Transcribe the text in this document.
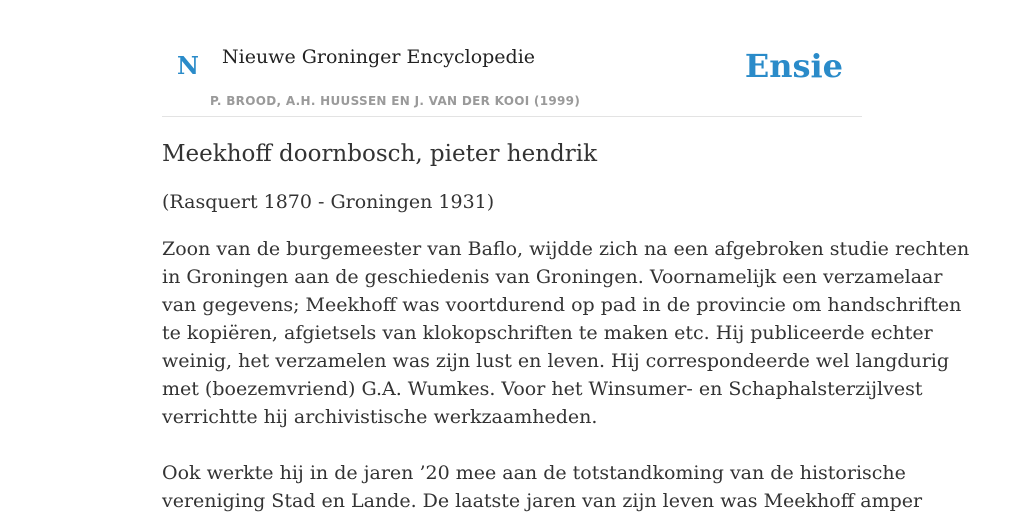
N Nieuwe Groninger Encyclopedie
P. BROOD, A.H. HUUSSEN EN J. VAN DER KOOI (1999)
Ensie
Meekhoff doornbosch, pieter hendrik

(Rasquert 1870 - Groningen 1931)

Zoon van de burgemeester van Baflo, wijdde zich na een afgebroken studie rechten
in Groningen aan de geschiedenis van Groningen. Voornamelijk een verzamelaar
van gegevens; Meekhoff was voortdurend op pad in de provincie om handschriften
te kopiëren, afgietsels van klokopschriften te maken etc. Hij publiceerde echter
weinig, het verzamelen was zijn lust en leven. Hij correspondeerde wel langdurig
met (boezemvriend) G.A. Wumkes. Voor het Winsumer- en Schaphalsterzijlvest
verrichtte hij archivistische werkzaamheden.

Ook werkte hij in de jaren ’20 mee aan de totstandkoming van de historische
vereniging Stad en Lande. De laatste jaren van zijn leven was Meekhoff amper
